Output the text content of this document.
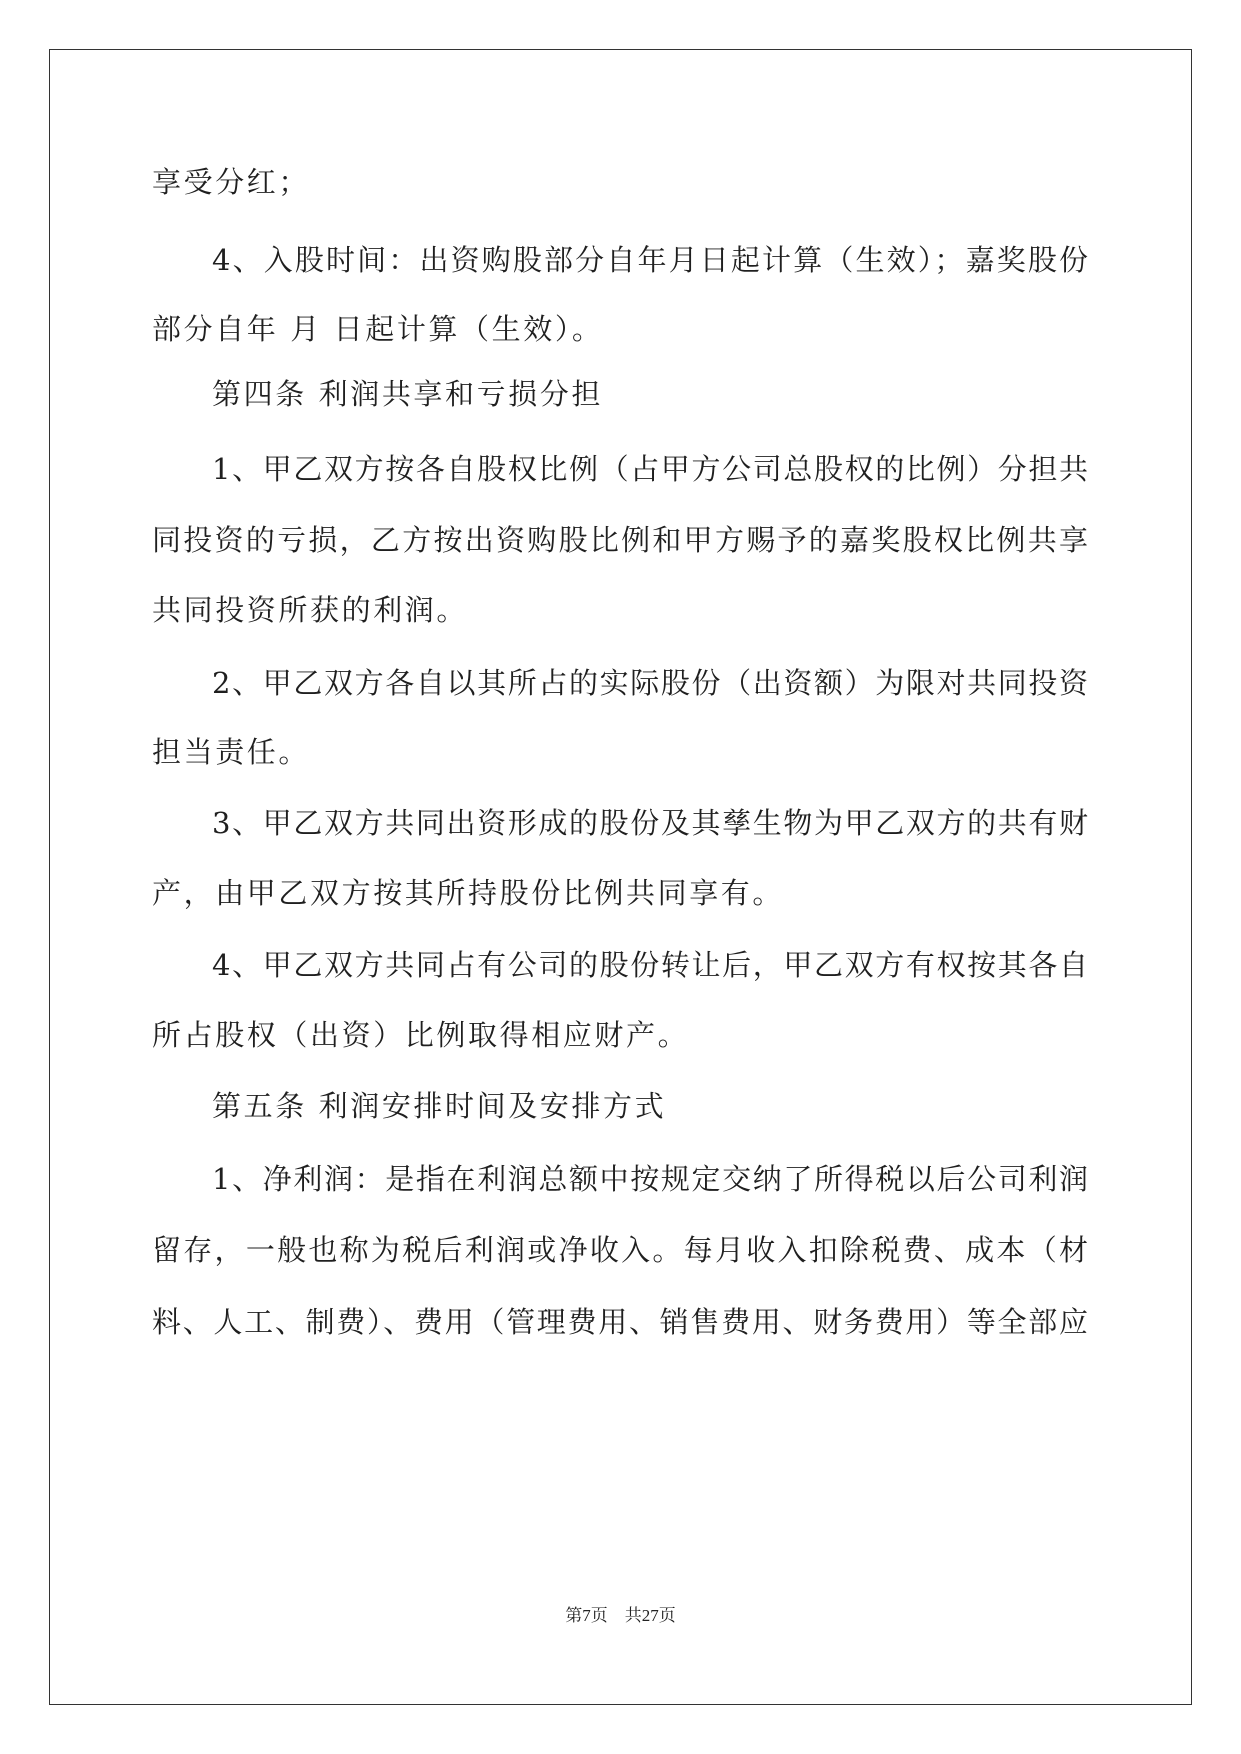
享受分红；
4、入股时间：出资购股部分自年月日起计算（生效）；嘉奖股份
部分自年 月 日起计算（生效）。
第四条 利润共享和亏损分担
1、甲乙双方按各自股权比例（占甲方公司总股权的比例）分担共
同投资的亏损，乙方按出资购股比例和甲方赐予的嘉奖股权比例共享
共同投资所获的利润。
2、甲乙双方各自以其所占的实际股份（出资额）为限对共同投资
担当责任。
3、甲乙双方共同出资形成的股份及其孳生物为甲乙双方的共有财
产，由甲乙双方按其所持股份比例共同享有。
4、甲乙双方共同占有公司的股份转让后，甲乙双方有权按其各自
所占股权（出资）比例取得相应财产。
第五条 利润安排时间及安排方式
1、净利润：是指在利润总额中按规定交纳了所得税以后公司利润
留存，一般也称为税后利润或净收入。每月收入扣除税费、成本（材
料、人工、制费）、费用（管理费用、销售费用、财务费用）等全部应
第7页　共27页
